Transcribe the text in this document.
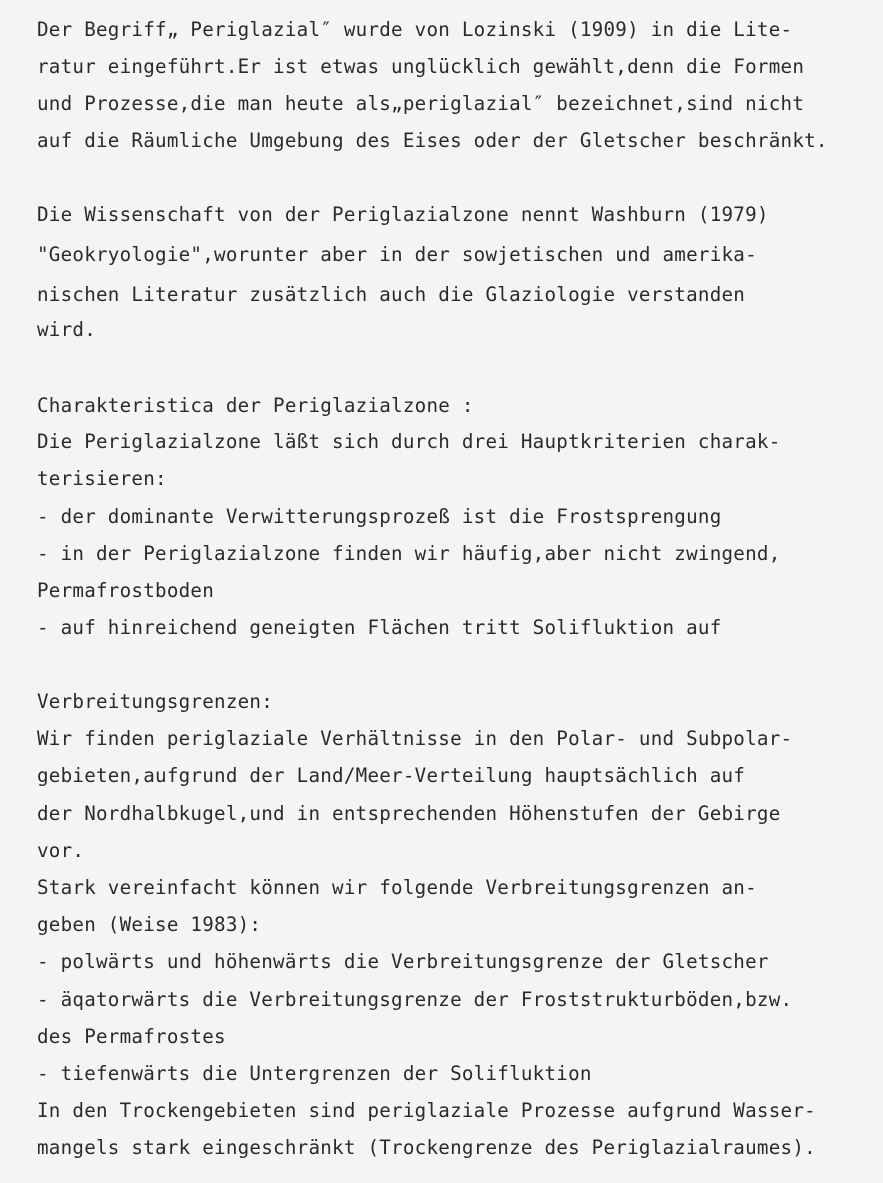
Der Begriff„ Periglazial″ wurde von Lozinski (1909) in die Lite-
ratur eingeführt.Er ist etwas unglücklich gewählt,denn die Formen
und Prozesse,die man heute als„periglazial″ bezeichnet,sind nicht
auf die Räumliche Umgebung des Eises oder der Gletscher beschränkt.
Die Wissenschaft von der Periglazialzone nennt Washburn (1979)
"Geokryologie",worunter aber in der sowjetischen und amerika-
nischen Literatur zusätzlich auch die Glaziologie verstanden
wird.
Charakteristica der Periglazialzone :
Die Periglazialzone läßt sich durch drei Hauptkriterien charak-
terisieren:
- der dominante Verwitterungsprozeß ist die Frostsprengung
- in der Periglazialzone finden wir häufig,aber nicht zwingend,
Permafrostboden
- auf hinreichend geneigten Flächen tritt Solifluktion auf
Verbreitungsgrenzen:
Wir finden periglaziale Verhältnisse in den Polar- und Subpolar-
gebieten,aufgrund der Land/Meer-Verteilung hauptsächlich auf
der Nordhalbkugel,und in entsprechenden Höhenstufen der Gebirge
vor.
Stark vereinfacht können wir folgende Verbreitungsgrenzen an-
geben (Weise 1983):
- polwärts und höhenwärts die Verbreitungsgrenze der Gletscher
- äqatorwärts die Verbreitungsgrenze der Froststrukturböden,bzw.
des Permafrostes
- tiefenwärts die Untergrenzen der Solifluktion
In den Trockengebieten sind periglaziale Prozesse aufgrund Wasser-
mangels stark eingeschränkt (Trockengrenze des Periglazialraumes).
